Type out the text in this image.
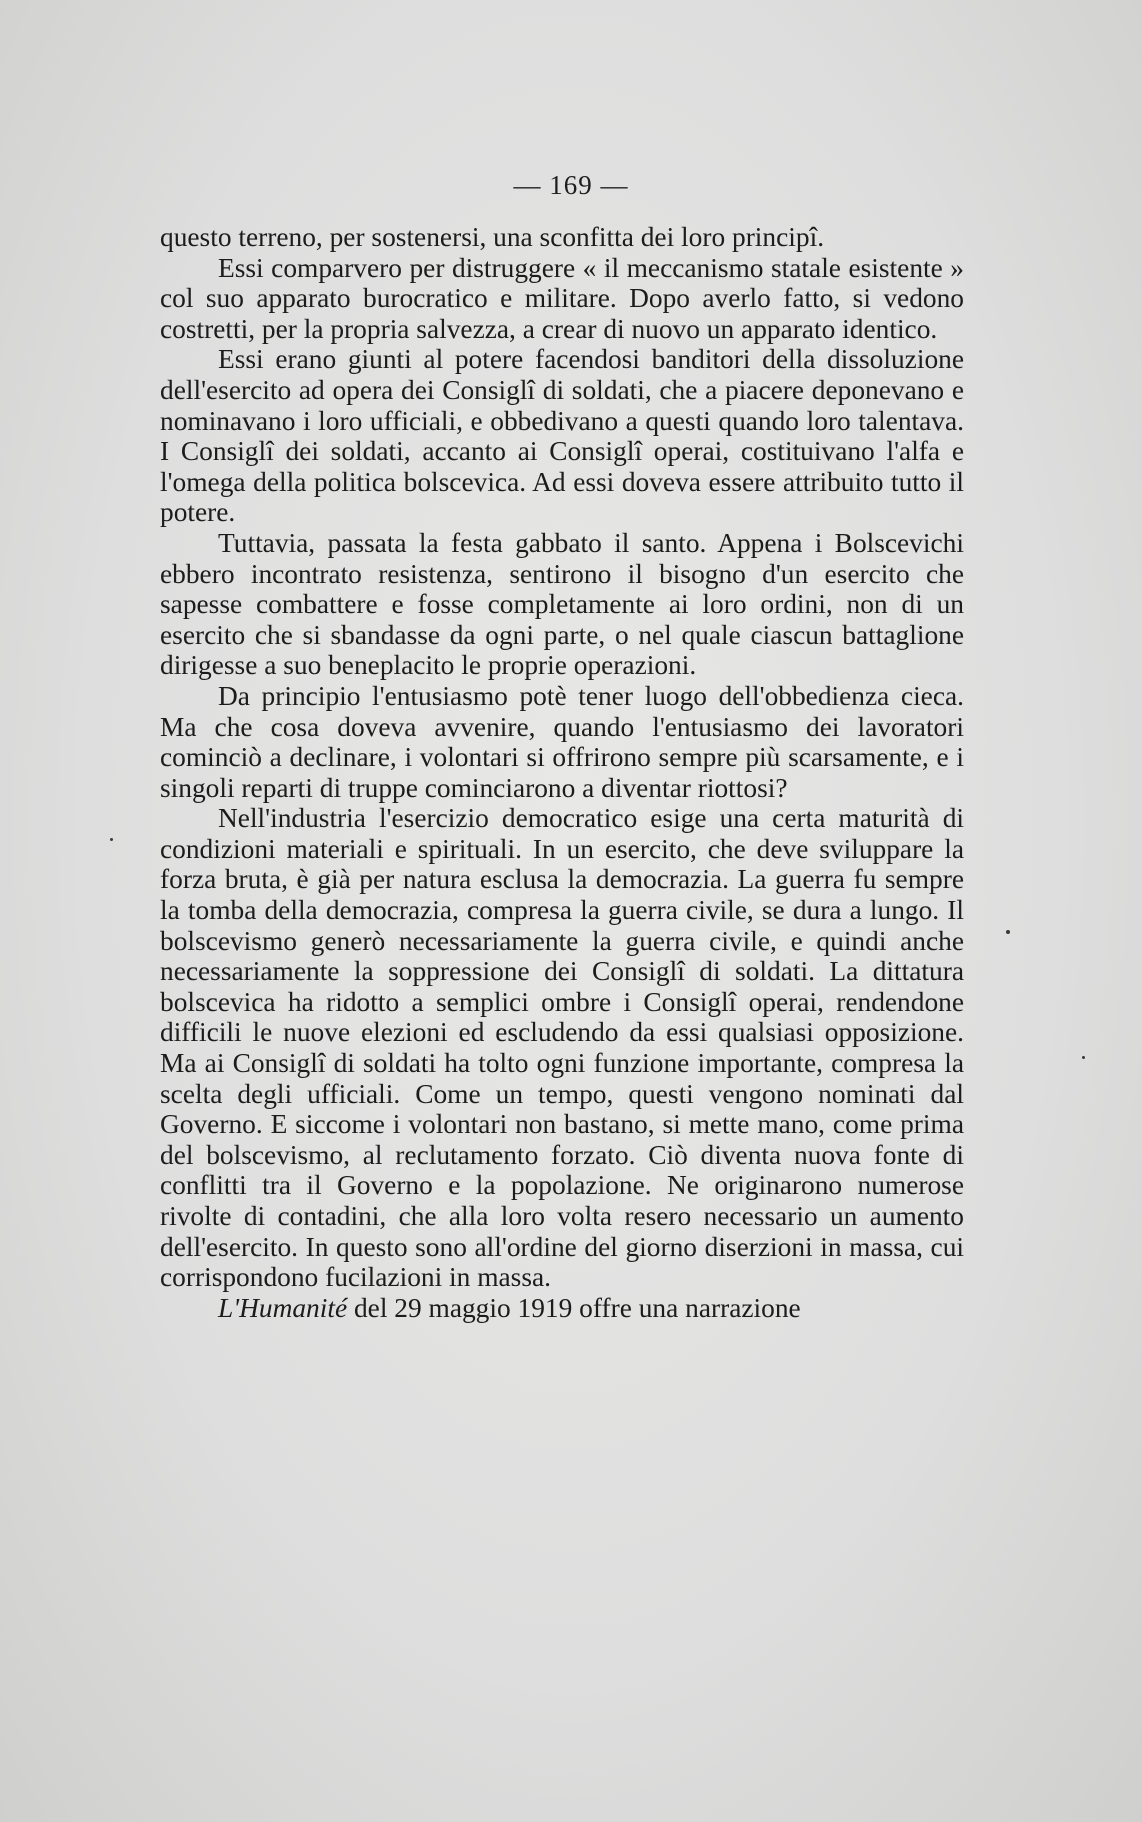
— 169 —

questo terreno, per sostenersi, una sconfitta dei loro principî.

Essi comparvero per distruggere « il meccanismo statale esistente » col suo apparato burocratico e militare. Dopo averlo fatto, si vedono costretti, per la propria salvezza, a crear di nuovo un apparato identico.

Essi erano giunti al potere facendosi banditori della dissoluzione dell'esercito ad opera dei Consiglî di soldati, che a piacere deponevano e nominavano i loro ufficiali, e obbedivano a questi quando loro talentava. I Consiglî dei soldati, accanto ai Consiglî operai, costituivano l'alfa e l'omega della politica bolscevica. Ad essi doveva essere attribuito tutto il potere.

Tuttavia, passata la festa gabbato il santo. Appena i Bolscevichi ebbero incontrato resistenza, sentirono il bisogno d'un esercito che sapesse combattere e fosse completamente ai loro ordini, non di un esercito che si sbandasse da ogni parte, o nel quale ciascun battaglione dirigesse a suo beneplacito le proprie operazioni.

Da principio l'entusiasmo potè tener luogo dell'obbedienza cieca. Ma che cosa doveva avvenire, quando l'entusiasmo dei lavoratori cominciò a declinare, i volontari si offrirono sempre più scarsamente, e i singoli reparti di truppe cominciarono a diventar riottosi?

Nell'industria l'esercizio democratico esige una certa maturità di condizioni materiali e spirituali. In un esercito, che deve sviluppare la forza bruta, è già per natura esclusa la democrazia. La guerra fu sempre la tomba della democrazia, compresa la guerra civile, se dura a lungo. Il bolscevismo generò necessariamente la guerra civile, e quindi anche necessariamente la soppressione dei Consiglî di soldati. La dittatura bolscevica ha ridotto a semplici ombre i Consiglî operai, rendendone difficili le nuove elezioni ed escludendo da essi qualsiasi opposizione. Ma ai Consiglî di soldati ha tolto ogni funzione importante, compresa la scelta degli ufficiali. Come un tempo, questi vengono nominati dal Governo. E siccome i volontari non bastano, si mette mano, come prima del bolscevismo, al reclutamento forzato. Ciò diventa nuova fonte di conflitti tra il Governo e la popolazione. Ne originarono numerose rivolte di contadini, che alla loro volta resero necessario un aumento dell'esercito. In questo sono all'ordine del giorno diserzioni in massa, cui corrispondono fucilazioni in massa.

L'Humanité del 29 maggio 1919 offre una narrazione
